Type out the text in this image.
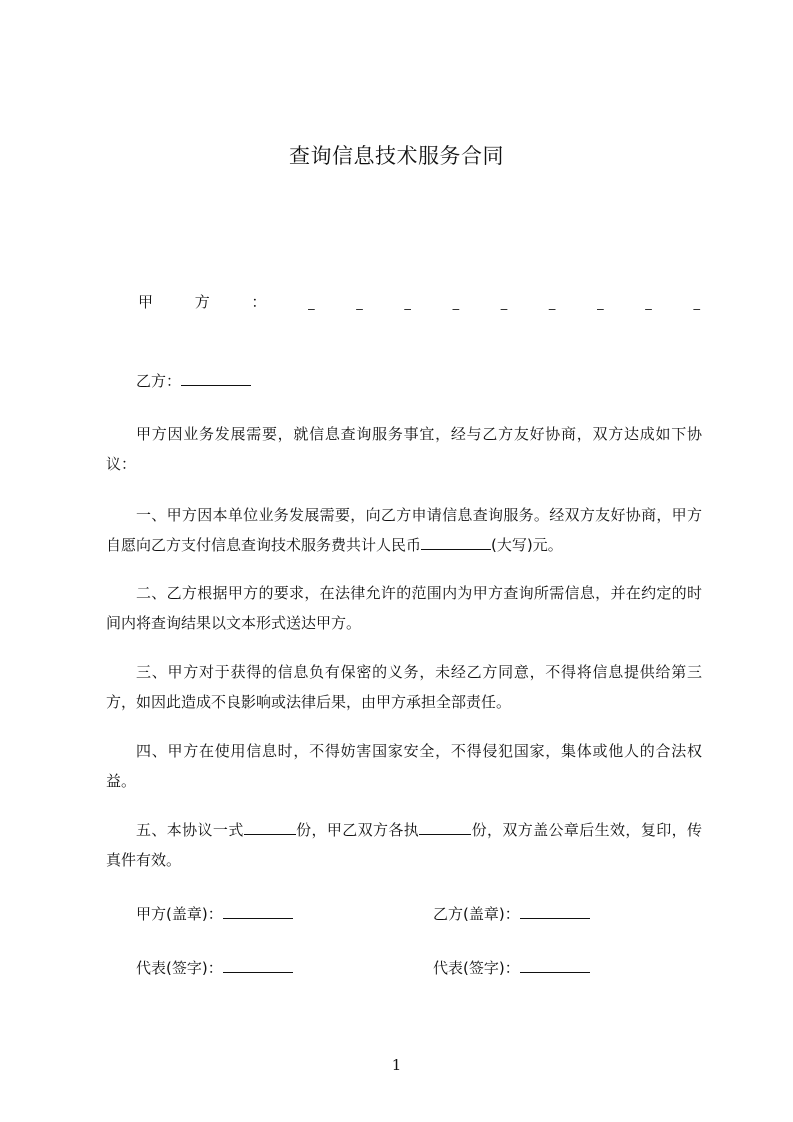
查询信息技术服务合同
甲	方	：	_	_	_	_	_	_	_	_	_
乙方：

甲方因业务发展需要，就信息查询服务事宜，经与乙方友好协商，双方达成如下协议：

一、甲方因本单位业务发展需要，向乙方申请信息查询服务。经双方友好协商，甲方自愿向乙方支付信息查询技术服务费共计人民币	(大写)元。

二、乙方根据甲方的要求，在法律允许的范围内为甲方查询所需信息，并在约定的时间内将查询结果以文本形式送达甲方。

三、甲方对于获得的信息负有保密的义务，未经乙方同意，不得将信息提供给第三方，如因此造成不良影响或法律后果，由甲方承担全部责任。

四、甲方在使用信息时，不得妨害国家安全，不得侵犯国家，集体或他人的合法权益。

五、本协议一式	份，甲乙双方各执	份，双方盖公章后生效，复印，传真件有效。

甲方(盖章)：	乙方(盖章)：
代表(签字)：	代表(签字)：
1
